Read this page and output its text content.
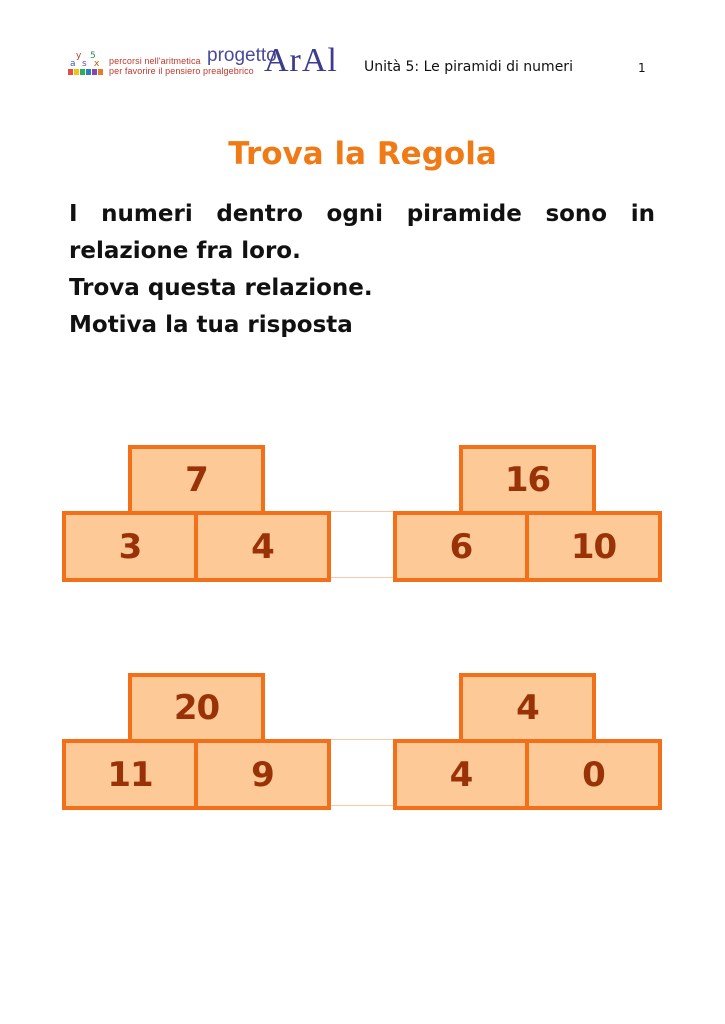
y 5
a s x percorsi nell'aritmetica
per favorire il pensiero prealgebrico
progetto
ArAl Unità 5: Le piramidi di numeri	1
Trova la Regola

I numeri dentro ogni piramide sono in

relazione fra loro.

Trova questa relazione.

Motiva la tua risposta

7
3	4
16
6	10
20
11	9
4
4	0
